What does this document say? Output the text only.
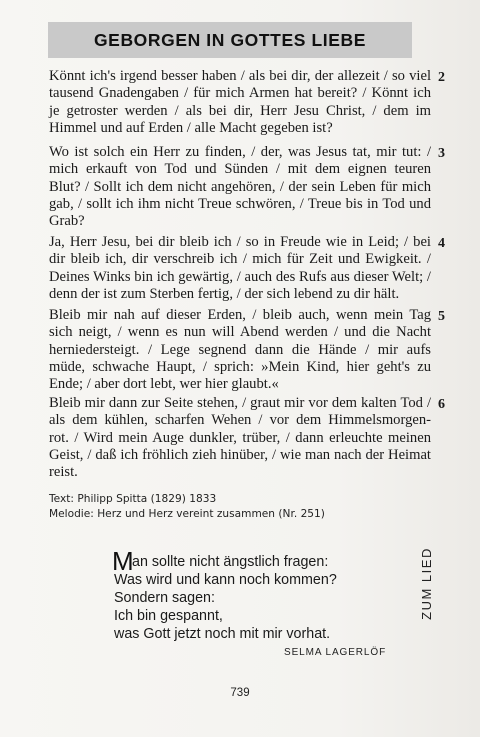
GEBORGEN IN GOTTES LIEBE
2
Könnt ich's irgend besser haben / als bei dir, der allezeit / so viel
tausend Gnadengaben / für mich Armen hat bereit? / Könnt ich
je getroster werden / als bei dir, Herr Jesu Christ, / dem im
Himmel und auf Erden / alle Macht gegeben ist?
3
Wo ist solch ein Herr zu finden, / der, was Jesus tat, mir tut: /
mich erkauft von Tod und Sünden / mit dem eignen teuren
Blut? / Sollt ich dem nicht angehören, / der sein Leben für mich
gab, / sollt ich ihm nicht Treue schwören, / Treue bis in Tod und
Grab?
4
Ja, Herr Jesu, bei dir bleib ich / so in Freude wie in Leid; / bei
dir bleib ich, dir verschreib ich / mich für Zeit und Ewigkeit. /
Deines Winks bin ich gewärtig, / auch des Rufs aus dieser Welt; /
denn der ist zum Sterben fertig, / der sich lebend zu dir hält.
5
Bleib mir nah auf dieser Erden, / bleib auch, wenn mein Tag
sich neigt, / wenn es nun will Abend werden / und die Nacht
herniedersteigt. / Lege segnend dann die Hände / mir aufs
müde, schwache Haupt, / sprich: »Mein Kind, hier geht's zu
Ende; / aber dort lebt, wer hier glaubt.«
6
Bleib mir dann zur Seite stehen, / graut mir vor dem kalten Tod /
als dem kühlen, scharfen Wehen / vor dem Himmelsmorgen-
rot. / Wird mein Auge dunkler, trüber, / dann erleuchte meinen
Geist, / daß ich fröhlich zieh hinüber, / wie man nach der Heimat
reist.
Text: Philipp Spitta (1829) 1833
Melodie: Herz und Herz vereint zusammen (Nr. 251)
M
an sollte nicht ängstlich fragen:
Was wird und kann noch kommen?
Sondern sagen:
Ich bin gespannt,
was Gott jetzt noch mit mir vorhat.
SELMA LAGERLÖF
ZUM LIED
739
